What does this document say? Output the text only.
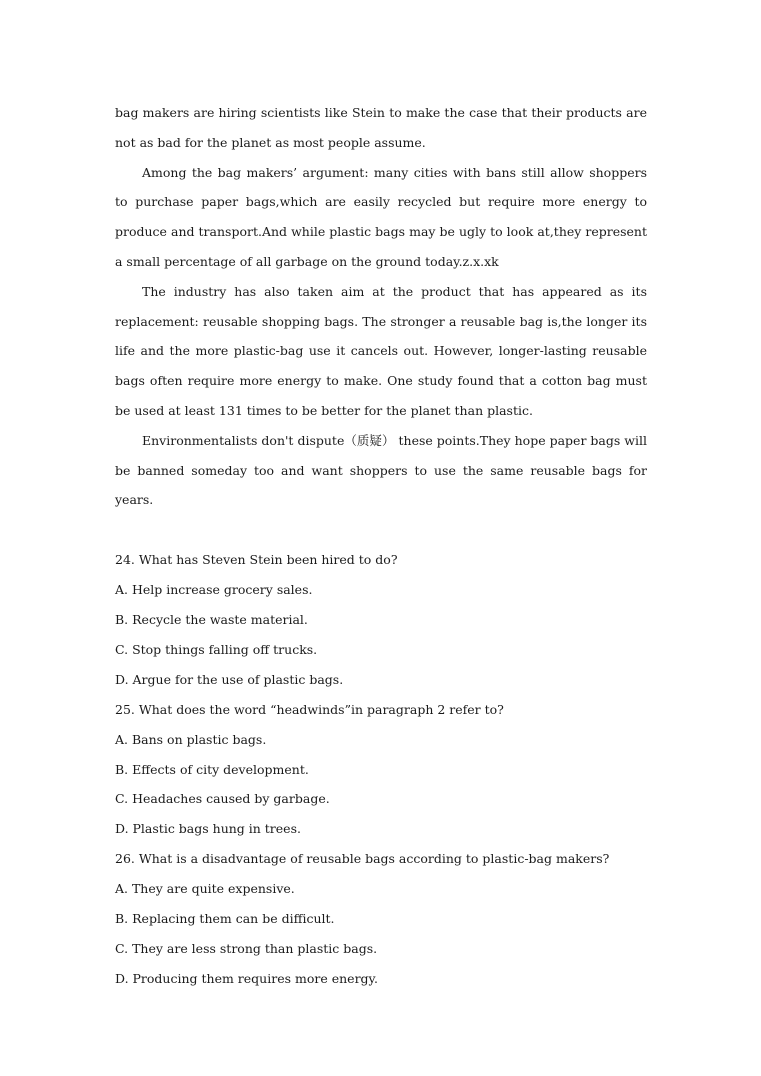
bag makers are hiring scientists like Stein to make the case that their products are not as bad for the planet as most people assume.

Among the bag makers’ argument: many cities with bans still allow shoppers to purchase paper bags,which are easily recycled but require more energy to produce and transport.And while plastic bags may be ugly to look at,they represent a small percentage of all garbage on the ground today.z.x.xk

The industry has also taken aim at the product that has appeared as its replacement: reusable shopping bags. The stronger a reusable bag is,the longer its life and the more plastic-bag use it cancels out. However, longer-lasting reusable bags often require more energy to make. One study found that a cotton bag must be used at least 131 times to be better for the planet than plastic.

Environmentalists don't dispute（质疑） these points.They hope paper bags will be banned someday too and want shoppers to use the same reusable bags for years.

24. What has Steven Stein been hired to do?

A. Help increase grocery sales.

B. Recycle the waste material.

C. Stop things falling off trucks.

D. Argue for the use of plastic bags.

25. What does the word “headwinds”in paragraph 2 refer to?

A. Bans on plastic bags.

B. Effects of city development.

C. Headaches caused by garbage.

D. Plastic bags hung in trees.

26. What is a disadvantage of reusable bags according to plastic-bag makers?

A. They are quite expensive.

B. Replacing them can be difficult.

C. They are less strong than plastic bags.

D. Producing them requires more energy.
